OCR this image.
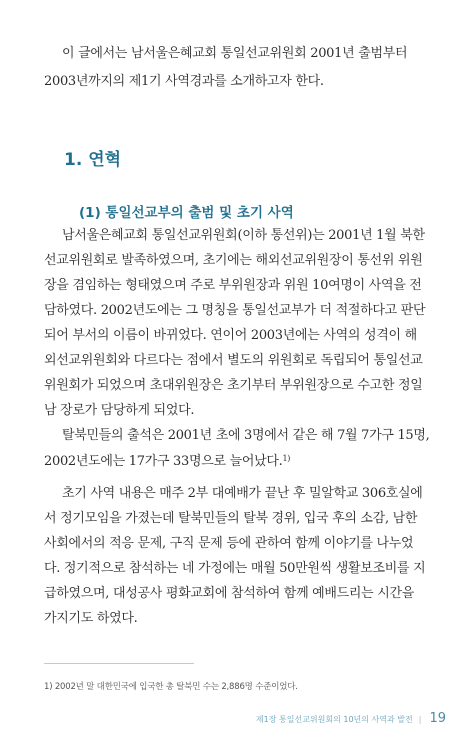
이 글에서는 남서울은혜교회 통일선교위원회 2001년 출범부터
2003년까지의 제1기 사역경과를 소개하고자 한다.
1. 연혁
(1) 통일선교부의 출범 및 초기 사역
남서울은혜교회 통일선교위원회(이하 통선위)는 2001년 1월 북한
선교위원회로 발족하였으며, 초기에는 해외선교위원장이 통선위 위원
장을 겸임하는 형태였으며 주로 부위원장과 위원 10여명이 사역을 전
담하였다. 2002년도에는 그 명칭을 통일선교부가 더 적절하다고 판단
되어 부서의 이름이 바뀌었다. 연이어 2003년에는 사역의 성격이 해
외선교위원회와 다르다는 점에서 별도의 위원회로 독립되어 통일선교
위원회가 되었으며 초대위원장은 초기부터 부위원장으로 수고한 정일
남 장로가 담당하게 되었다.
탈북민들의 출석은 2001년 초에 3명에서 같은 해 7월 7가구 15명,
2002년도에는 17가구 33명으로 늘어났다.$^{1)}$
초기 사역 내용은 매주 2부 대예배가 끝난 후 밀알학교 306호실에
서 정기모임을 가졌는데 탈북민들의 탈북 경위, 입국 후의 소감, 남한
사회에서의 적응 문제, 구직 문제 등에 관하여 함께 이야기를 나누었
다. 정기적으로 참석하는 네 가정에는 매월 50만원씩 생활보조비를 지
급하였으며, 대성공사 평화교회에 참석하여 함께 예배드리는 시간을
가지기도 하였다.
1) 2002년 말 대한민국에 입국한 총 탈북민 수는 2,886명 수준이었다.
제1장 통일선교위원회의 10년의 사역과 발전 | 19
